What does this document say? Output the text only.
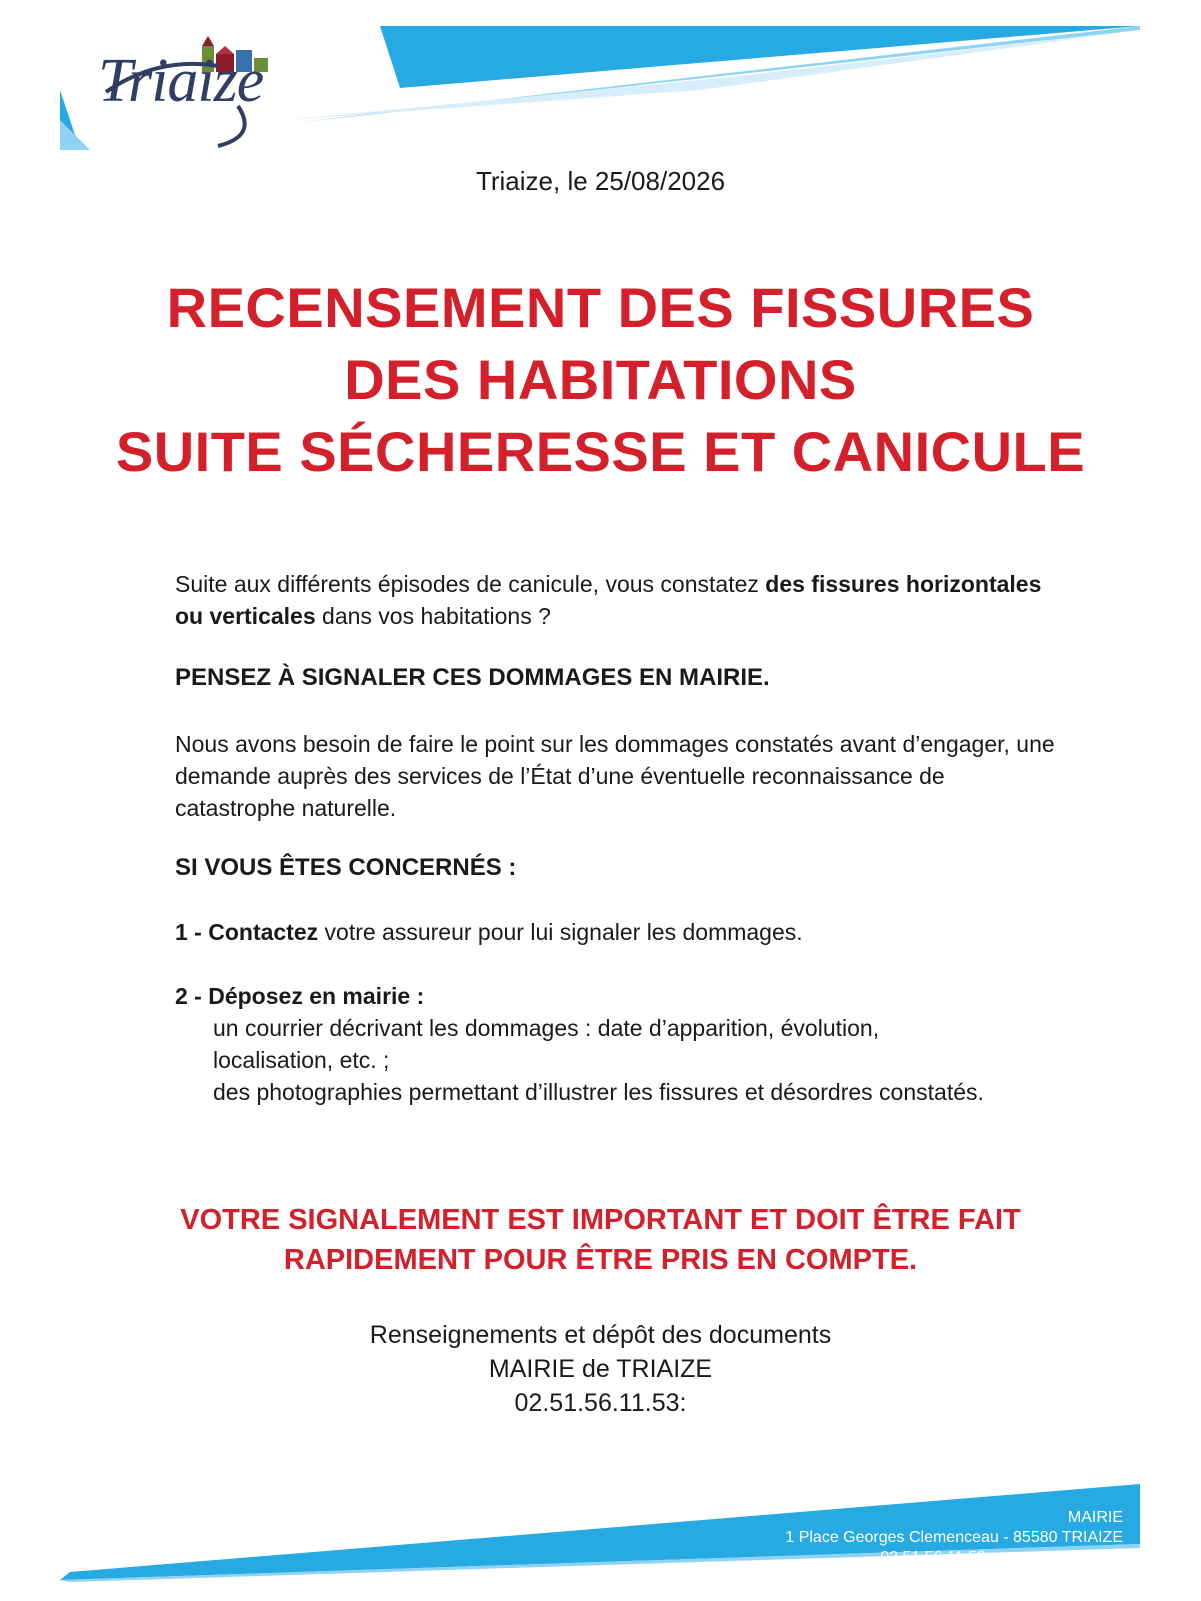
Triaize
Triaize, le 25/08/2026
RECENSEMENT DES FISSURES
DES HABITATIONS
SUITE SÉCHERESSE ET CANICULE
Suite aux différents épisodes de canicule, vous constatez des fissures horizontales ou verticales dans vos habitations ?
PENSEZ À SIGNALER CES DOMMAGES EN MAIRIE.
Nous avons besoin de faire le point sur les dommages constatés avant d’engager, une demande auprès des services de l’État d’une éventuelle reconnaissance de catastrophe naturelle.
SI VOUS ÊTES CONCERNÉS :
1 - Contactez votre assureur pour lui signaler les dommages.
2 - Déposez en mairie :
un courrier décrivant les dommages : date d’apparition, évolution, localisation, etc. ;
des photographies permettant d’illustrer les fissures et désordres constatés.
VOTRE SIGNALEMENT EST IMPORTANT ET DOIT ÊTRE FAIT
RAPIDEMENT POUR ÊTRE PRIS EN COMPTE.
Renseignements et dépôt des documents
MAIRIE de TRIAIZE
02.51.56.11.53:
MAIRIE
1 Place Georges Clemenceau - 85580 TRIAIZE
02.51.56.11.53 - accueil@triaize.fr
